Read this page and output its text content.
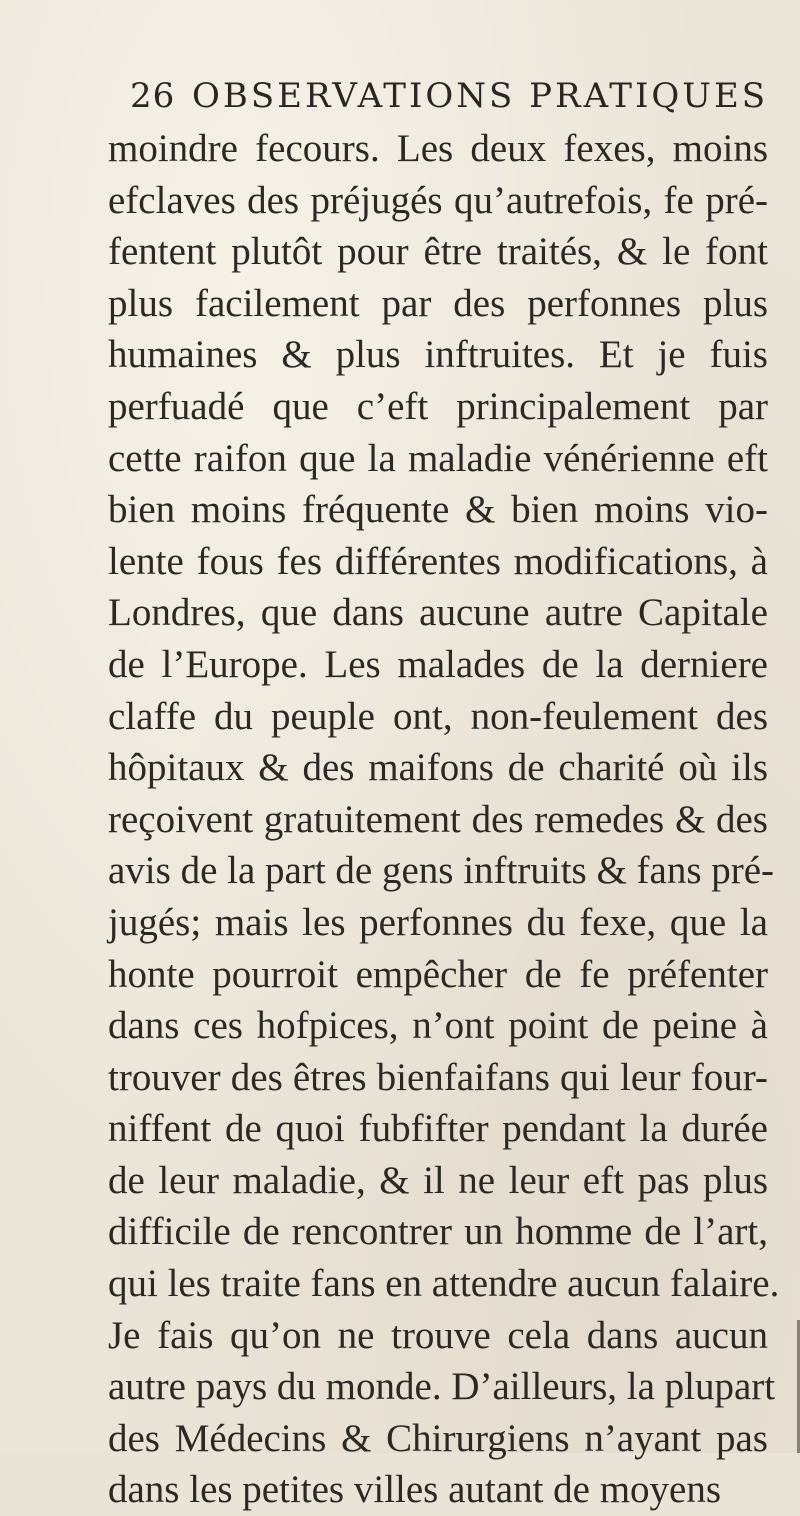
26 OBSERVATIONS PRATIQUES
moindre fecours. Les deux fexes, moins
efclaves des préjugés qu’autrefois, fe pré-
fentent plutôt pour être traités, & le font
plus facilement par des perfonnes plus
humaines & plus inftruites. Et je fuis
perfuadé que c’eft principalement par
cette raifon que la maladie vénérienne eft
bien moins fréquente & bien moins vio-
lente fous fes différentes modifications, à
Londres, que dans aucune autre Capitale
de l’Europe. Les malades de la derniere
claffe du peuple ont, non-feulement des
hôpitaux & des maifons de charité où ils
reçoivent gratuitement des remedes & des
avis de la part de gens inftruits & fans pré-
jugés; mais les perfonnes du fexe, que la
honte pourroit empêcher de fe préfenter
dans ces hofpices, n’ont point de peine à
trouver des êtres bienfaifans qui leur four-
niffent de quoi fubfifter pendant la durée
de leur maladie, & il ne leur eft pas plus
difficile de rencontrer un homme de l’art,
qui les traite fans en attendre aucun falaire.
Je fais qu’on ne trouve cela dans aucun
autre pays du monde. D’ailleurs, la plupart
des Médecins & Chirurgiens n’ayant pas
dans les petites villes autant de moyens
